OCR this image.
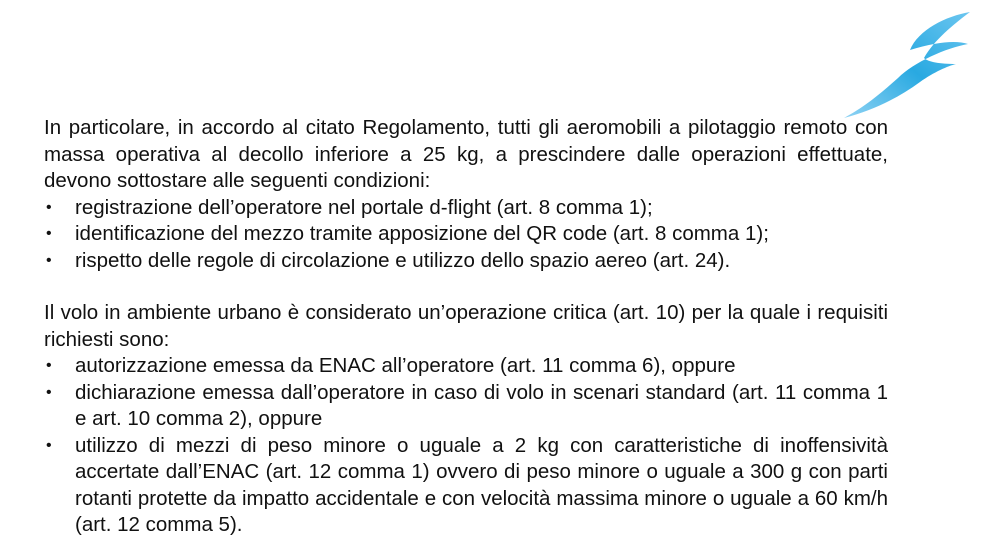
In particolare, in accordo al citato Regolamento, tutti gli aeromobili a pilotaggio remoto con massa operativa al decollo inferiore a 25 kg, a prescindere dalle operazioni effettuate, devono sottostare alle seguenti condizioni:

• registrazione dell’operatore nel portale d-flight (art. 8 comma 1);
• identificazione del mezzo tramite apposizione del QR code (art. 8 comma 1);
• rispetto delle regole di circolazione e utilizzo dello spazio aereo (art. 24).

Il volo in ambiente urbano è considerato un’operazione critica (art. 10) per la quale i requisiti richiesti sono:

• autorizzazione emessa da ENAC all’operatore (art. 11 comma 6), oppure
• dichiarazione emessa dall’operatore in caso di volo in scenari standard (art. 11 comma 1 e art. 10 comma 2), oppure
• utilizzo di mezzi di peso minore o uguale a 2 kg con caratteristiche di inoffensività accertate dall’ENAC (art. 12 comma 1) ovvero di peso minore o uguale a 300 g con parti rotanti protette da impatto accidentale e con velocità massima minore o uguale a 60 km/h (art. 12 comma 5).
